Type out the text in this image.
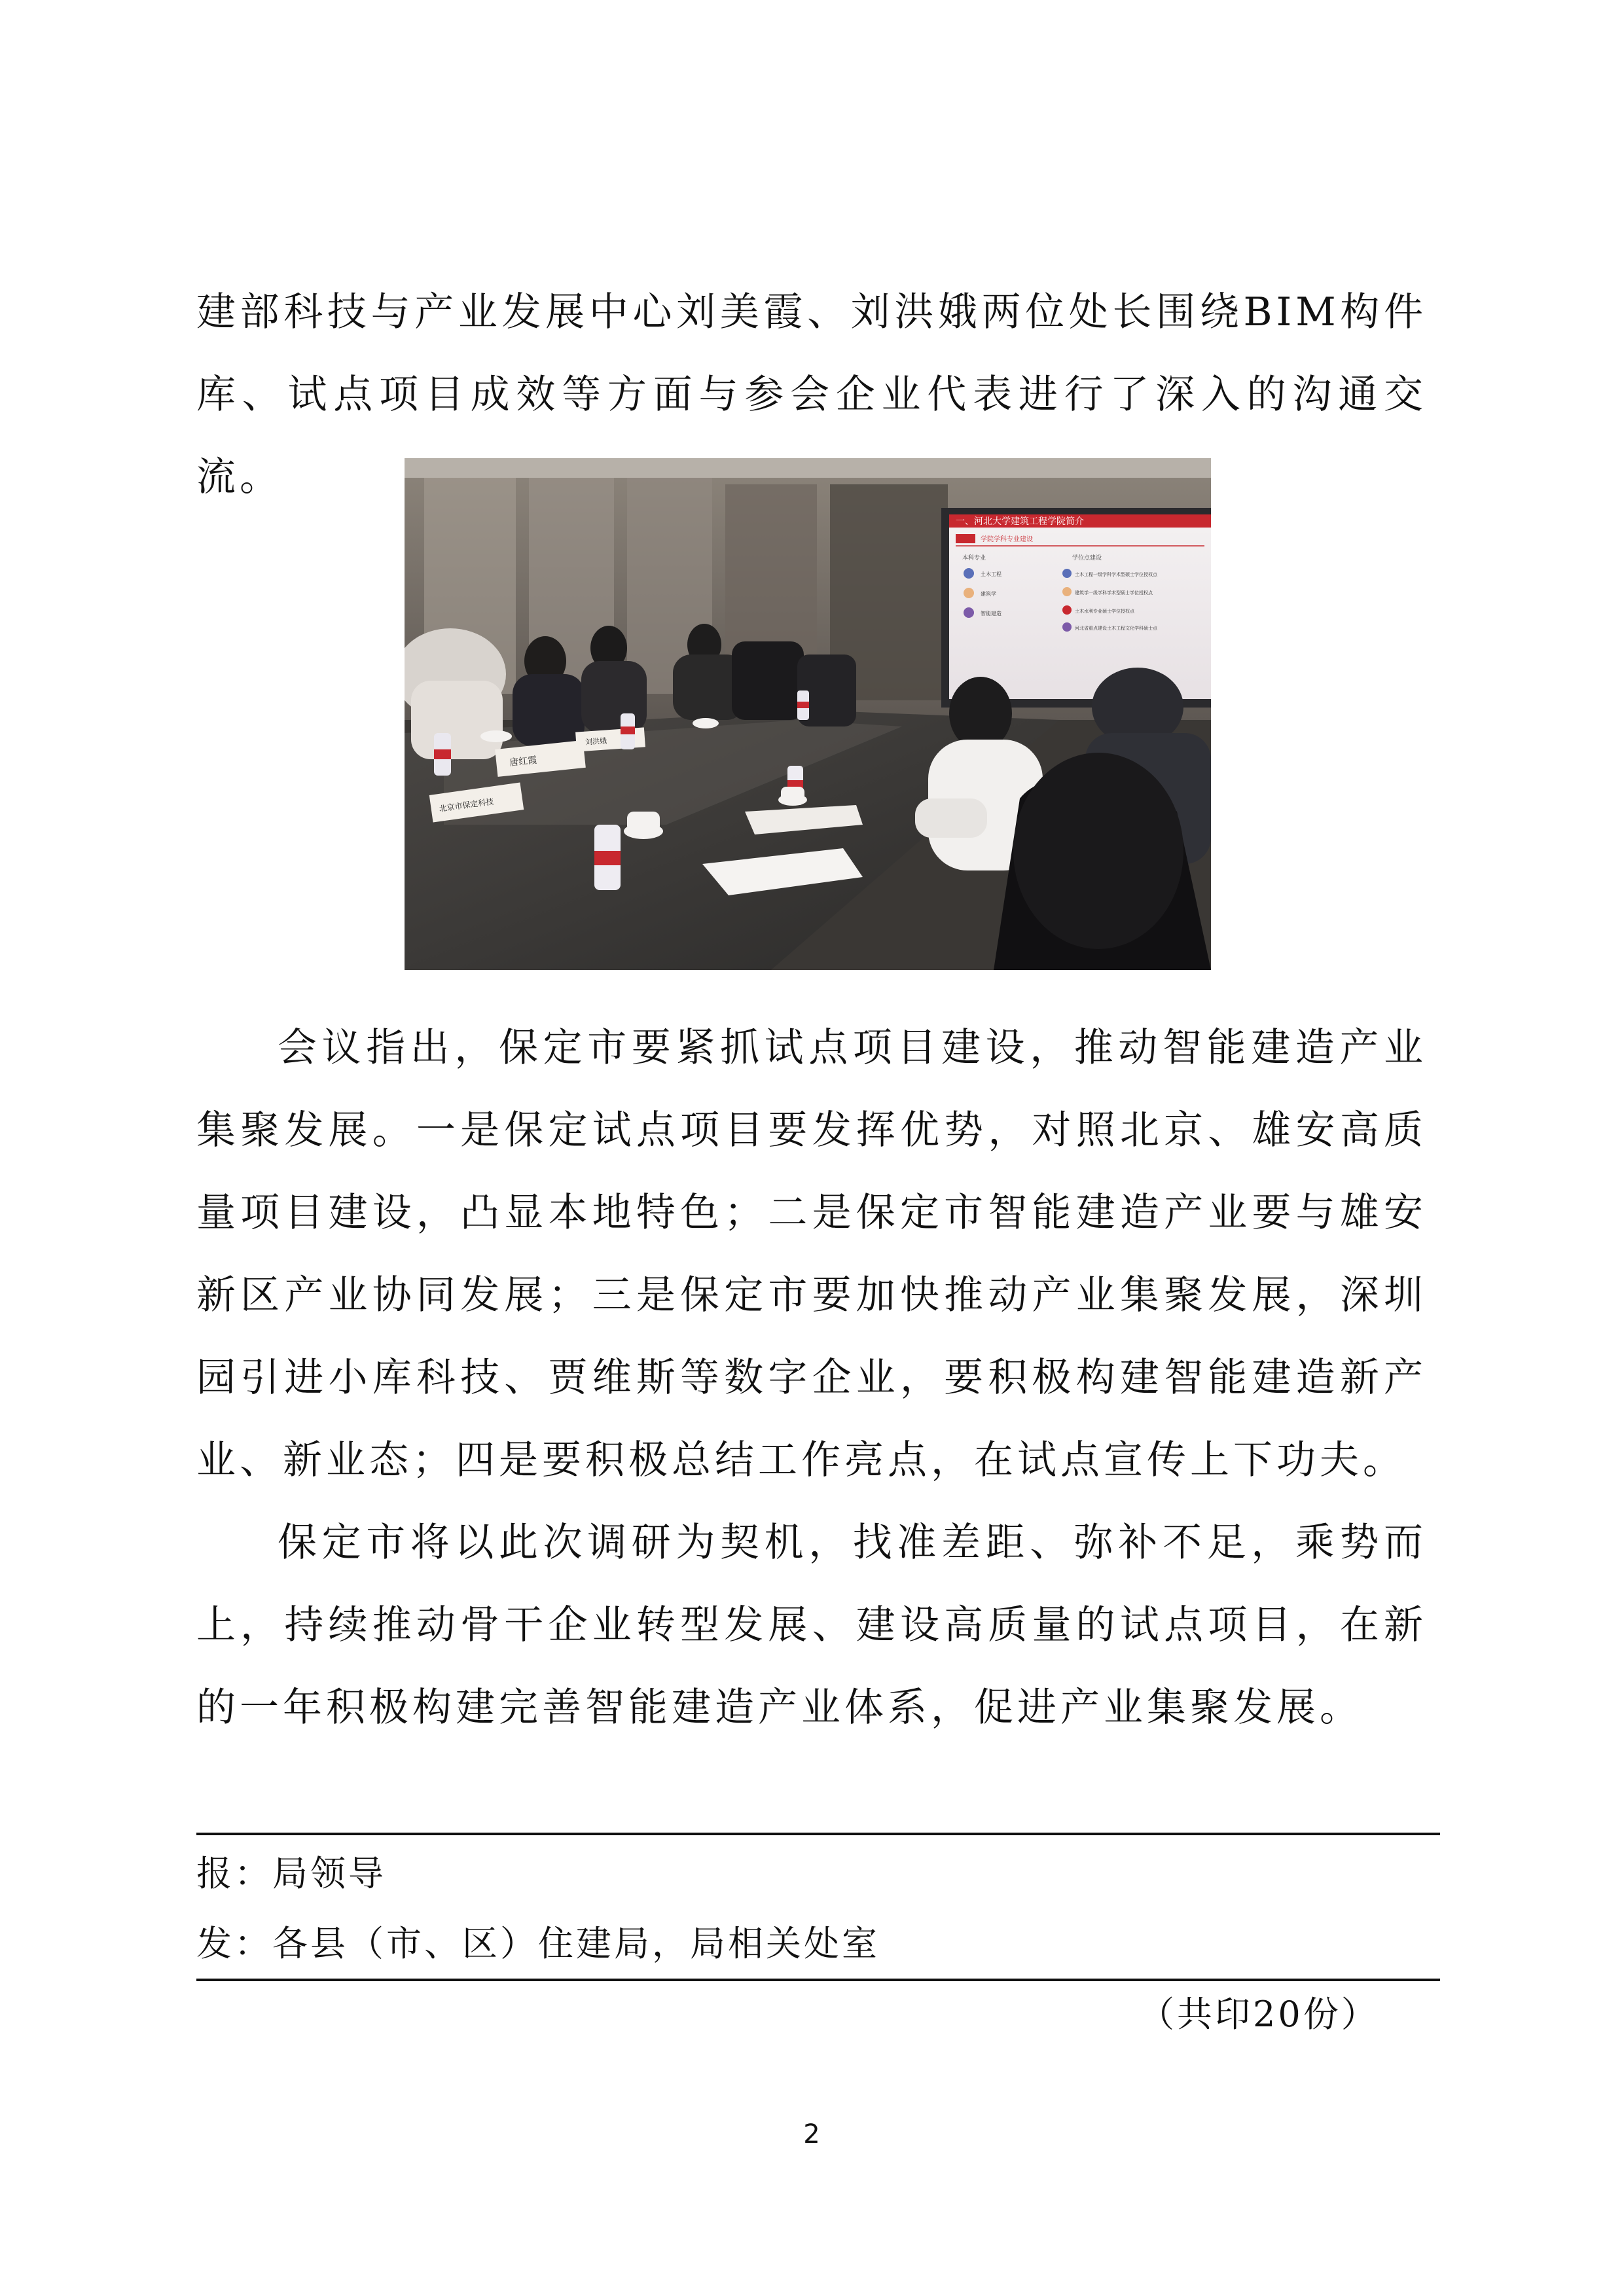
建部科技与产业发展中心刘美霞、刘洪娥两位处长围绕BIM构件库、试点项目成效等方面与参会企业代表进行了深入的沟通交流。

一、河北大学建筑工程学院简介
学院学科专业建设
本科专业	学位点建设
土木工程
建筑学
智能建造
土木工程一级学科学术型硕士学位授权点
建筑学一级学科学术型硕士学位授权点
土木水利专业硕士学位授权点
河北省重点建设土木工程文化学科硕士点
唐红霞
刘洪娥
北京市保定科技

会议指出，保定市要紧抓试点项目建设，推动智能建造产业集聚发展。一是保定试点项目要发挥优势，对照北京、雄安高质量项目建设，凸显本地特色；二是保定市智能建造产业要与雄安新区产业协同发展；三是保定市要加快推动产业集聚发展，深圳园引进小库科技、贾维斯等数字企业，要积极构建智能建造新产业、新业态；四是要积极总结工作亮点，在试点宣传上下功夫。

保定市将以此次调研为契机，找准差距、弥补不足，乘势而上，持续推动骨干企业转型发展、建设高质量的试点项目，在新的一年积极构建完善智能建造产业体系，促进产业集聚发展。

报：局领导

发：各县（市、区）住建局，局相关处室

（共印20份）
2
